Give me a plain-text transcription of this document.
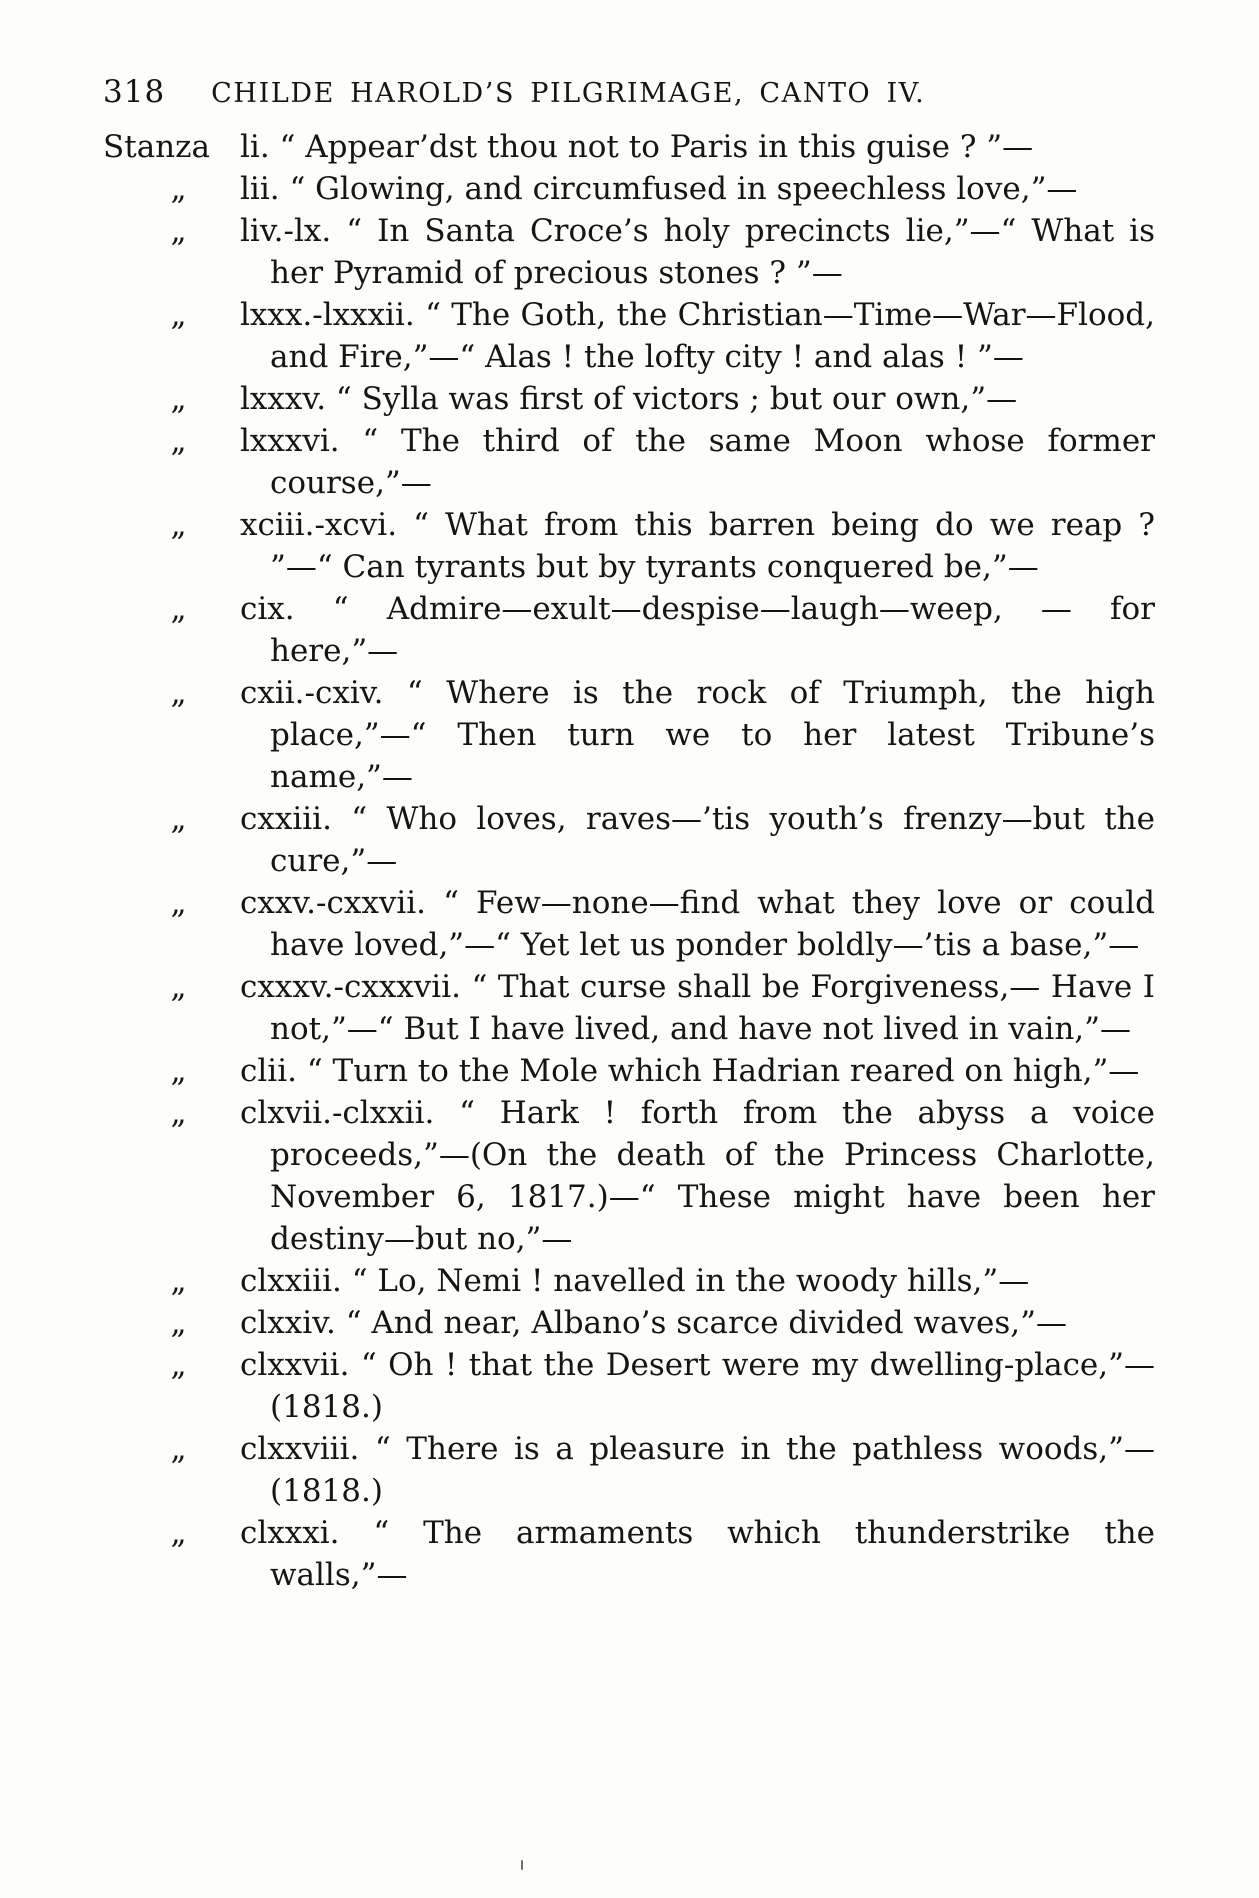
318 CHILDE HAROLD’S PILGRIMAGE, CANTO IV.
Stanza li. “ Appear’dst thou not to Paris in this guise ? ”—

„	lii. “ Glowing, and circumfused in speechless love,”—

„	liv.-lx. “ In Santa Croce’s holy precincts lie,”—“ What is her Pyramid of precious stones ? ”—

„	lxxx.-lxxxii. “ The Goth, the Christian—Time—War—Flood, and Fire,”—“ Alas ! the lofty city ! and alas ! ”—

„	lxxxv. “ Sylla was first of victors ; but our own,”—

„	lxxxvi. “ The third of the same Moon whose former course,”—

„	xciii.-xcvi. “ What from this barren being do we reap ? ”—“ Can tyrants but by tyrants conquered be,”—

„	cix. “ Admire—exult—despise—laugh—weep, — for here,”—

„	cxii.-cxiv. “ Where is the rock of Triumph, the high place,”—“ Then turn we to her latest Tribune’s name,”—

„	cxxiii. “ Who loves, raves—’tis youth’s frenzy—but the cure,”—

„	cxxv.-cxxvii. “ Few—none—find what they love or could have loved,”—“ Yet let us ponder boldly—’tis a base,”—

„	cxxxv.-cxxxvii. “ That curse shall be Forgiveness,— Have I not,”—“ But I have lived, and have not lived in vain,”—

„	clii. “ Turn to the Mole which Hadrian reared on high,”—

„	clxvii.-clxxii. “ Hark ! forth from the abyss a voice proceeds,”—(On the death of the Princess Charlotte, November 6, 1817.)—“ These might have been her destiny—but no,”—

„	clxxiii. “ Lo, Nemi ! navelled in the woody hills,”—

„	clxxiv. “ And near, Albano’s scarce divided waves,”—

„	clxxvii. “ Oh ! that the Desert were my dwelling-place,”—(1818.)

„	clxxviii. “ There is a pleasure in the pathless woods,”— (1818.)

„	clxxxi. “ The armaments which thunderstrike the walls,”—
